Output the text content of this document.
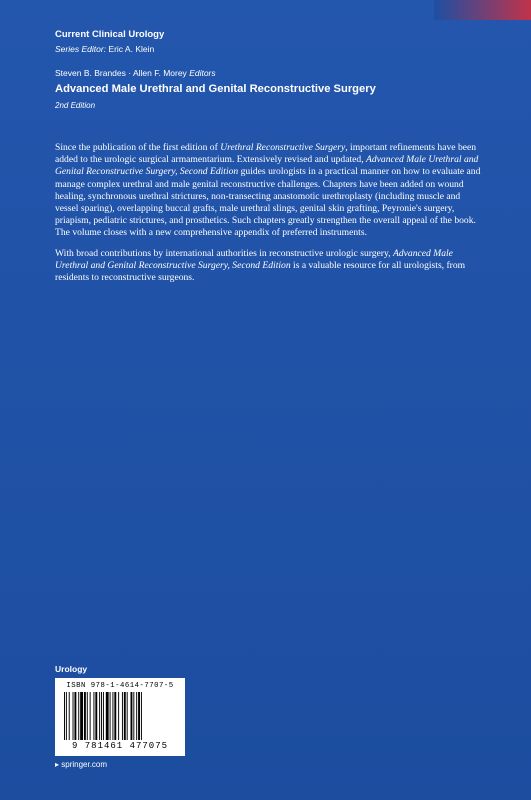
Current Clinical Urology
Series Editor: Eric A. Klein
Steven B. Brandes · Allen F. Morey Editors
Advanced Male Urethral and Genital Reconstructive Surgery
2nd Edition

Since the publication of the first edition of Urethral Reconstructive Surgery, important refinements have been added to the urologic surgical armamentarium. Extensively revised and updated, Advanced Male Urethral and Genital Reconstructive Surgery, Second Edition guides urologists in a practical manner on how to evaluate and manage complex urethral and male genital reconstructive challenges. Chapters have been added on wound healing, synchronous urethral strictures, non-transecting anastomotic urethroplasty (including muscle and vessel sparing), overlapping buccal grafts, male urethral slings, genital skin grafting, Peyronie's surgery, priapism, pediatric strictures, and prosthetics. Such chapters greatly strengthen the overall appeal of the book. The volume closes with a new comprehensive appendix of preferred instruments.

With broad contributions by international authorities in reconstructive urologic surgery, Advanced Male Urethral and Genital Reconstructive Surgery, Second Edition is a valuable resource for all urologists, from residents to reconstructive surgeons.

Urology
ISBN 978-1-4614-7707-5
9 781461 477075
▸ springer.com
